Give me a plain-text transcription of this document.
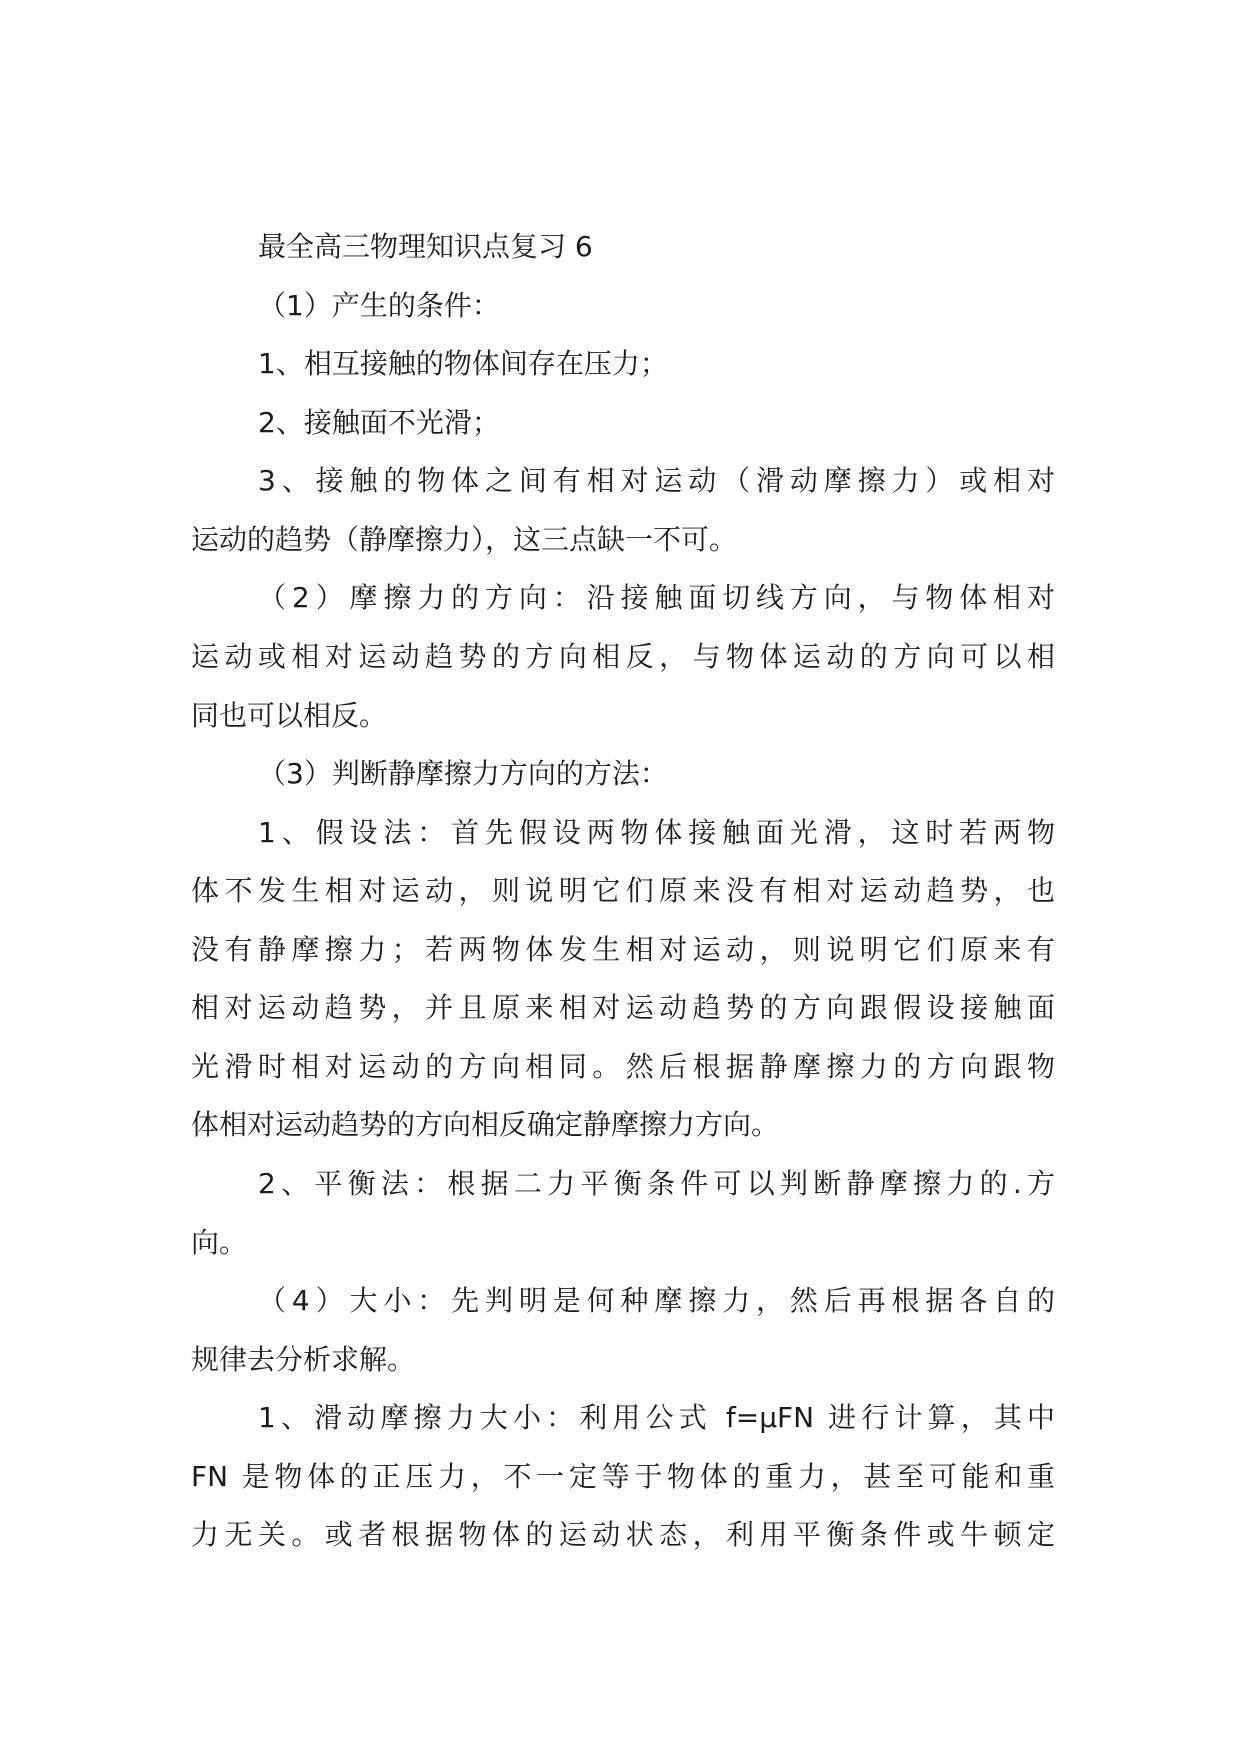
最全高三物理知识点复习 6
（1）产生的条件：
1、相互接触的物体间存在压力；
2、接触面不光滑；
3、接触的物体之间有相对运动（滑动摩擦力）或相对
运动的趋势（静摩擦力），这三点缺一不可。
（2）摩擦力的方向：沿接触面切线方向，与物体相对
运动或相对运动趋势的方向相反，与物体运动的方向可以相
同也可以相反。
（3）判断静摩擦力方向的方法：
1、假设法：首先假设两物体接触面光滑，这时若两物
体不发生相对运动，则说明它们原来没有相对运动趋势，也
没有静摩擦力；若两物体发生相对运动，则说明它们原来有
相对运动趋势，并且原来相对运动趋势的方向跟假设接触面
光滑时相对运动的方向相同。然后根据静摩擦力的方向跟物
体相对运动趋势的方向相反确定静摩擦力方向。
2、平衡法：根据二力平衡条件可以判断静摩擦力的.方
向。
（4）大小：先判明是何种摩擦力，然后再根据各自的
规律去分析求解。
1、滑动摩擦力大小：利用公式 f=μFN 进行计算，其中
FN 是物体的正压力，不一定等于物体的重力，甚至可能和重
力无关。或者根据物体的运动状态，利用平衡条件或牛顿定
